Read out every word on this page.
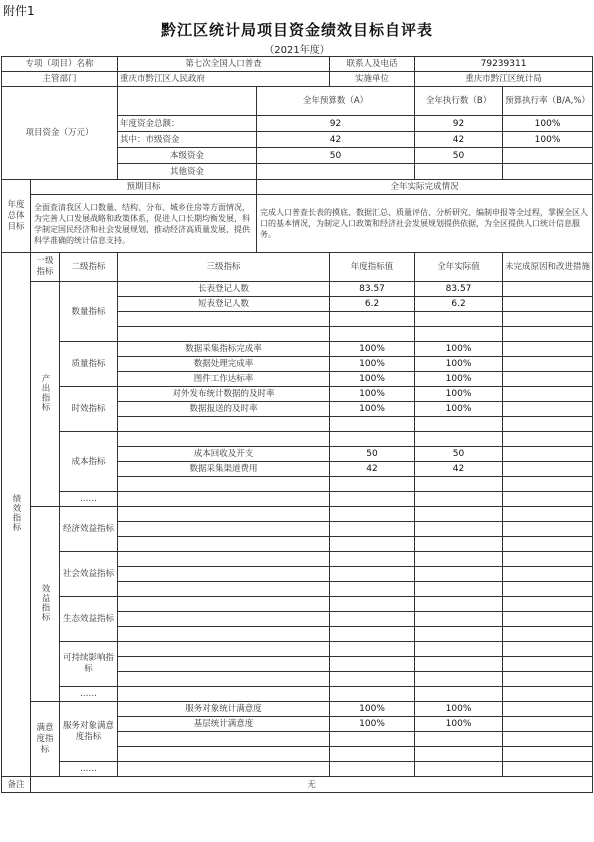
附件1
黔江区统计局项目资金绩效目标自评表
（2021年度）
专项（项目）名称			第七次全国人口普查		联系人及电话	79239311	
主管部门			重庆市黔江区人民政府		实施单位	重庆市黔江区统计局	
项目资金（万元）				全年预算数（A）		全年执行数（B）	预算执行率（B/A,%）
			年度资金总额：	92		92	100%
			其中：市级资金	42		42	100%
			本级资金	50		50	
			其他资金				
年度总体目标	预期目标			全年实际完成情况			
	全面查清我区人口数量、结构、分布、城乡住房等方面情况，为完善人口发展战略和政策体系，促进人口长期均衡发展，科学制定国民经济和社会发展规划，推动经济高质量发展，提供科学准确的统计信息支持。			完成人口普查长表的摸底、数据汇总、质量评估、分析研究、编制申报等全过程，掌握全区人口的基本情况，为制定人口政策和经济社会发展规划提供依据，为全区提供人口统计信息服务。			
绩效指标	一级指标	二级指标	三级指标		年度指标值	全年实际值	未完成原因和改进措施
	产出指标	数量指标	长表登记人数		83.57	83.57	
			短表登记人数		6.2	6.2	

		质量指标	数据采集指标完成率		100%	100%	
			数据处理完成率		100%	100%	
			图件工作达标率		100%	100%	
		时效指标	对外发布统计数据的及时率		100%	100%	
			数据报送的及时率		100%	100%	

		成本指标					
			成本回收及开支		50	50	
			数据采集渠道费用		42	42	

		……					
	效益指标	经济效益指标					

		社会效益指标					

		生态效益指标					

		可持续影响指标					

		……					
	满意度指标	服务对象满意度指标	服务对象统计满意度		100%	100%	
			基层统计满意度		100%	100%	

		……					
备注	无						
